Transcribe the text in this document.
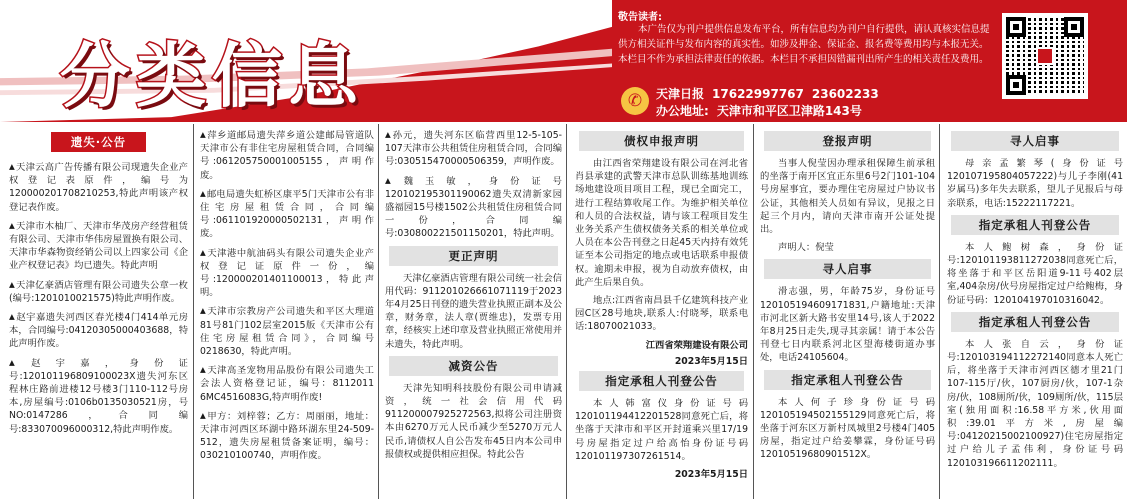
分类信息
敬告读者:
本广告仅为刊户提供信息发布平台，所有信息均为刊户自行提供，请认真核实信息提供方相关证件与发布内容的真实性。如涉及押金、保证金、报名费等费用均与本报无关。本栏目不作为承担法律责任的依据。本栏目不承担因错漏刊出所产生的相关责任及费用。
✆	天津日报 17622997767 23602233
办公地址: 天津市和平区卫津路143号
遗失·公告
▲ 天津云高广告传播有限公司现遗失企业产权登记表原件，编号为120000201708210253,特此声明该产权登记表作废。
▲ 天津市木柚厂、天津市华茂房产经营租赁有限公司、天津市华伟房屋置换有限公司、天津市华森物资经销公司以上四家公司《企业产权登记表》均已遗失。特此声明
▲ 天津亿豪酒店管理有限公司遗失公章一枚(编号:1201010021575)特此声明作废。
▲ 赵宇嘉遗失河西区春光楼4门414单元房本，合同编号:04120305000403688，特此声明作废。
▲ 赵宇嘉，身份证号:120101196809100023X遗失河东区程林庄路前进楼12号楼3门110-112号房本,房屋编号:0106b0135030521房，号NO:0147286，合同编号:833070096000312,特此声明作废。
▲ 萍乡道邮局遗失萍乡道公建邮局管道队天津市公有非住宅房屋租赁合同，合同编号:061205750001005155，声明作废。
▲ 邮电局遗失虹桥区康平5门天津市公有非住宅房屋租赁合同，合同编号:061101920000502131，声明作废。
▲ 天津港中航油码头有限公司遗失企业产权登记证原件一份，编号:120000201401100013，特此声明。
▲ 天津市宗教房产公司遗失和平区大理道81号81门102层室2015版《天津市公有住宅房屋租赁合同》，合同编号0218630，特此声明。
▲ 天津高圣宠物用品股份有限公司遗失工会法人资格登记证，编号：8112011​6MC4516083G,特声明作废!
▲ 甲方：刘梓蓉；乙方：周丽丽，地址：天津市河西区环湖中路环湖东里24-509-512，遗失房屋租赁备案证明，编号：0302101007​40，声明作废。
▲ 孙元，遗失河东区临营西里12-5-105-107天津市公共租赁住房租赁合同，合同编号:030515470000506359，声明作废。
▲ 魏玉敏，身份证号120102195301190062遗失双清新家园盛福园15号楼1502公共租赁住房租赁合同一份，合同编号:030800221501150201，特此声明。
更正声明
天津亿豪酒店管理有限公司统一社会信用代码：91120102​66610711​19于2023年4月25日刊登的遗失营业执照正副本及公章，财务章，法人章(贾维忠)，发票专用章，经核实上述印章及营业执照正常使用并未遗失，特此声明。
减资公告
天津先知明科技股份有限公司申请减资，统一社会信用代码91120000792527256​3,拟将公司注册资本由6270万元人民币减少至5270万元人民币,请债权人自公告发布45日内本公司申报债权或提供相应担保。特此公告
债权申报声明
由江西省荣翔建设有限公司在河北省肖县承建的武警天津市总队训练基地训练场地建设项目项目工程，现已全面完工，进行工程结算收尾工作。为维护相关单位和人员的合法权益，请与该工程项目发生业务关系产生债权债务关系的相关单位或人员在本公告刊登之日起45天内持有效凭证至本公司指定的地点或电话联系申报债权。逾期未申报，视为自动放弃债权，由此产生后果自负。
地点:江西省南昌县千亿建筑科技产业园C区28号地块,联系人:付晓琴，联系电话:18070021033。
江西省荣翔建设有限公司
2023年5月15日
指定承租人刊登公告
本人韩富仪身份证号码120101194412201528同意死亡后，将坐落于天津市和平区开封道乘兴里17/19号房屋指定过户给高怡身份证号码120101197307261514。
2023年5月15日
登报声明
当事人倪莹因办理承租保障生前承租的坐落于南开区宜正东里6号2门101-104号房屋事宜，要办理住宅房屋过户协议书公证，其他相关人员如有异议，见报之日起三个月内，请向天津市南开公证处提出。
声明人：倪莹
寻人启事
滑志强，男，年龄75岁，身份证号120105194609171831,户籍地址:天津市河北区新大路书安里14号,该人于2022年8月25日走失,现寻其亲属！请于本公告刊登七日内联系河北区望海楼街道办事处，电话24105604。
指定承租人刊登公告
本人何子珍身份证号码120105194502155129同意死亡后，将坐落于河东区万新村凤城里2号楼4门405房屋，指定过户给姜攀霖，身份证号码120105196809​01512X。
寻人启事
母亲孟繁琴(身份证号120107195804057222)与儿子李刚(41岁属马)多年失去联系，望儿子见报后与母亲联系，电话:15222117221。
指定承租人刊登公告
本人鲍树森，身份证号:120101193811272038同意死亡后，将坐落于和平区岳阳道9-11号402层室,404杂房/伙号房屋指定过户给鲍梅，身份证号码：120104197010316042。
指定承租人刊登公告
本人张自云，身份证号:120103194112272140同意本人死亡后，将坐落于天津市河西区德才里21门107-115厅/伙，107厨房/伙，107-1杂房/伙，108厕所/伙，109厕所/伙，115层室(独用面积:16.58平方米,伙用面积:39.01平方米,房屋编号:0412021500210092​7)住宅房屋指定过户给儿子孟伟利，身份证号码120103196611202111。
